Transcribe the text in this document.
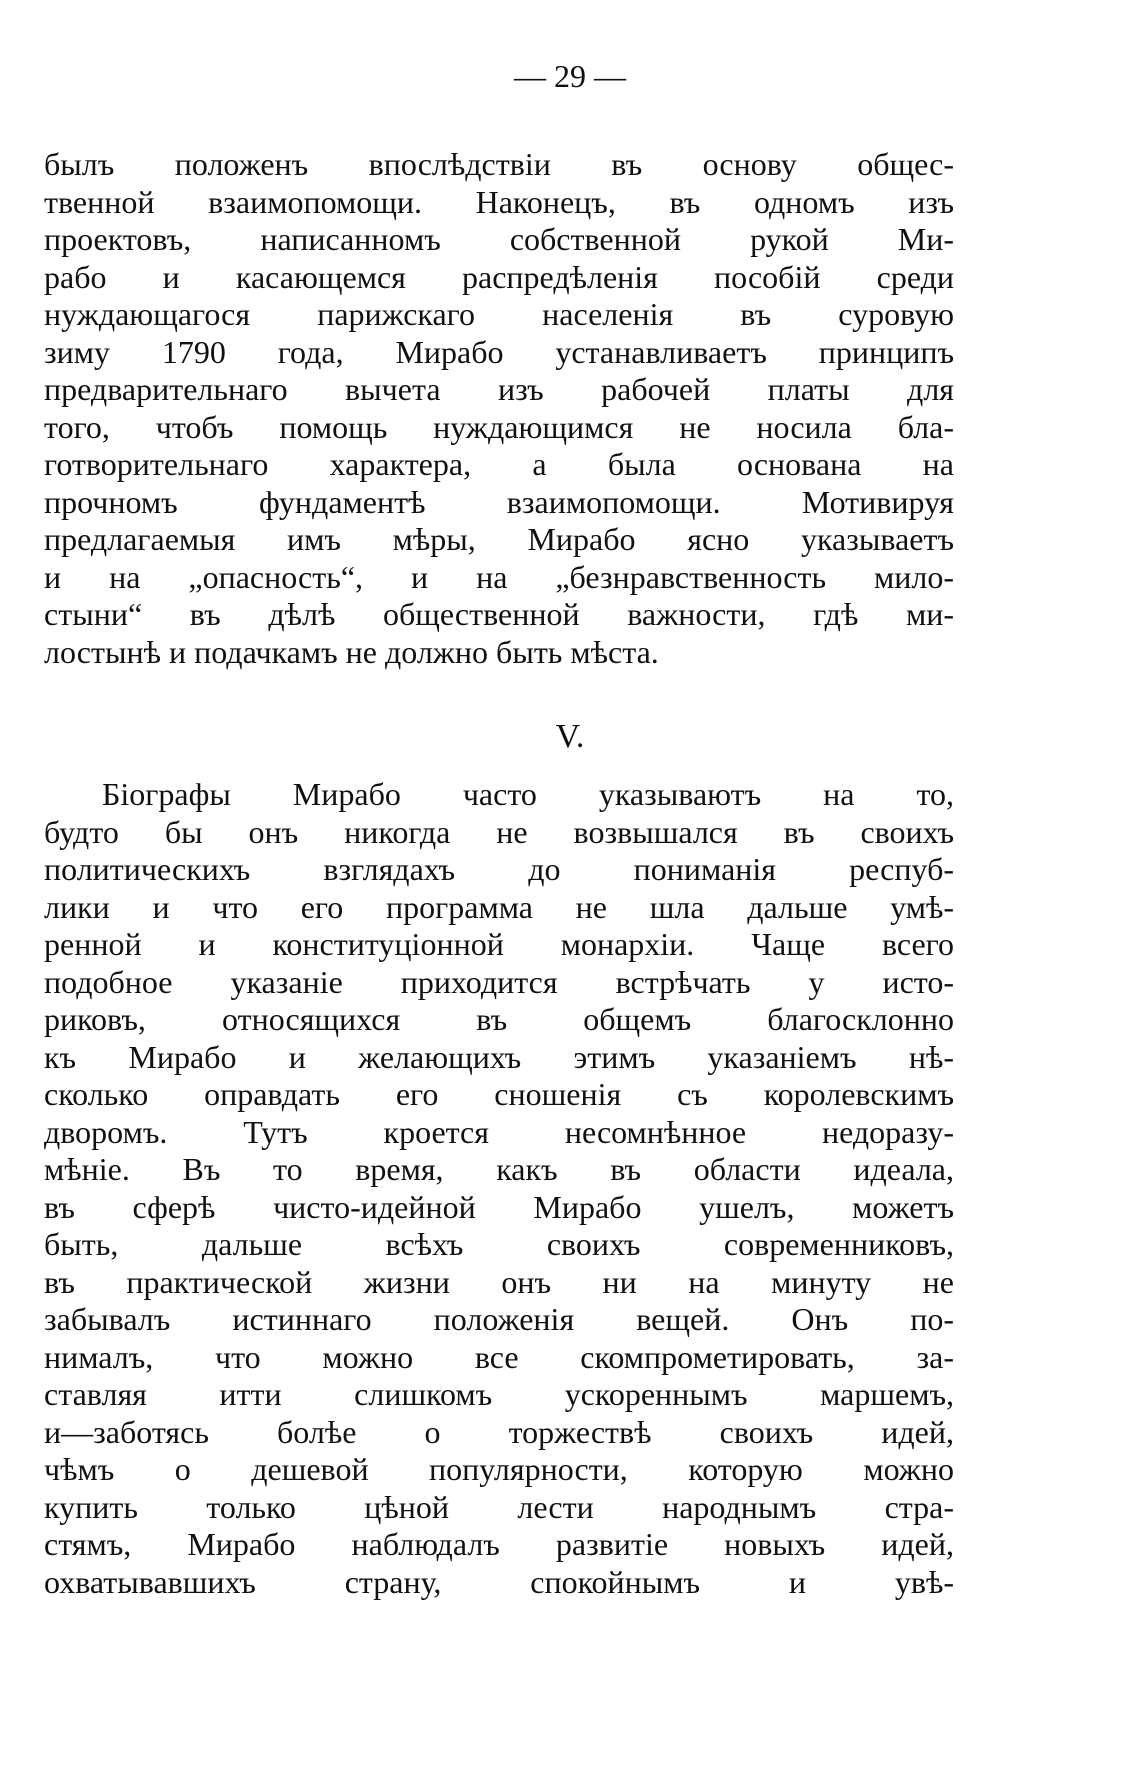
— 29 —
былъ положенъ впослѣдствіи въ основу общес-
твенной взаимопомощи. Наконецъ, въ одномъ изъ
проектовъ, написанномъ собственной рукой Ми-
рабо и касающемся распредѣленія пособій среди
нуждающагося парижскаго населенія въ суровую
зиму 1790 года, Мирабо устанавливаетъ принципъ
предварительнаго вычета изъ рабочей платы для
того, чтобъ помощь нуждающимся не носила бла-
готворительнаго характера, а была основана на
прочномъ фундаментѣ взаимопомощи. Мотивируя
предлагаемыя имъ мѣры, Мирабо ясно указываетъ
и на „опасность“, и на „безнравственность мило-
стыни“ въ дѣлѣ общественной важности, гдѣ ми-
лостынѣ и подачкамъ не должно быть мѣста.
V.
Біографы Мирабо часто указываютъ на то,
будто бы онъ никогда не возвышался въ своихъ
политическихъ взглядахъ до пониманія респуб-
лики и что его программа не шла дальше умѣ-
ренной и конституціонной монархіи. Чаще всего
подобное указаніе приходится встрѣчать у исто-
риковъ, относящихся въ общемъ благосклонно
къ Мирабо и желающихъ этимъ указаніемъ нѣ-
сколько оправдать его сношенія съ королевскимъ
дворомъ. Тутъ кроется несомнѣнное недоразу-
мѣніе. Въ то время, какъ въ области идеала,
въ сферѣ чисто-идейной Мирабо ушелъ, можетъ
быть, дальше всѣхъ своихъ современниковъ,
въ практической жизни онъ ни на минуту не
забывалъ истиннаго положенія вещей. Онъ по-
нималъ, что можно все скомпрометировать, за-
ставляя итти слишкомъ ускореннымъ маршемъ,
и—заботясь болѣе о торжествѣ своихъ идей,
чѣмъ о дешевой популярности, которую можно
купить только цѣной лести народнымъ стра-
стямъ, Мирабо наблюдалъ развитіе новыхъ идей,
охватывавшихъ страну, спокойнымъ и увѣ-
